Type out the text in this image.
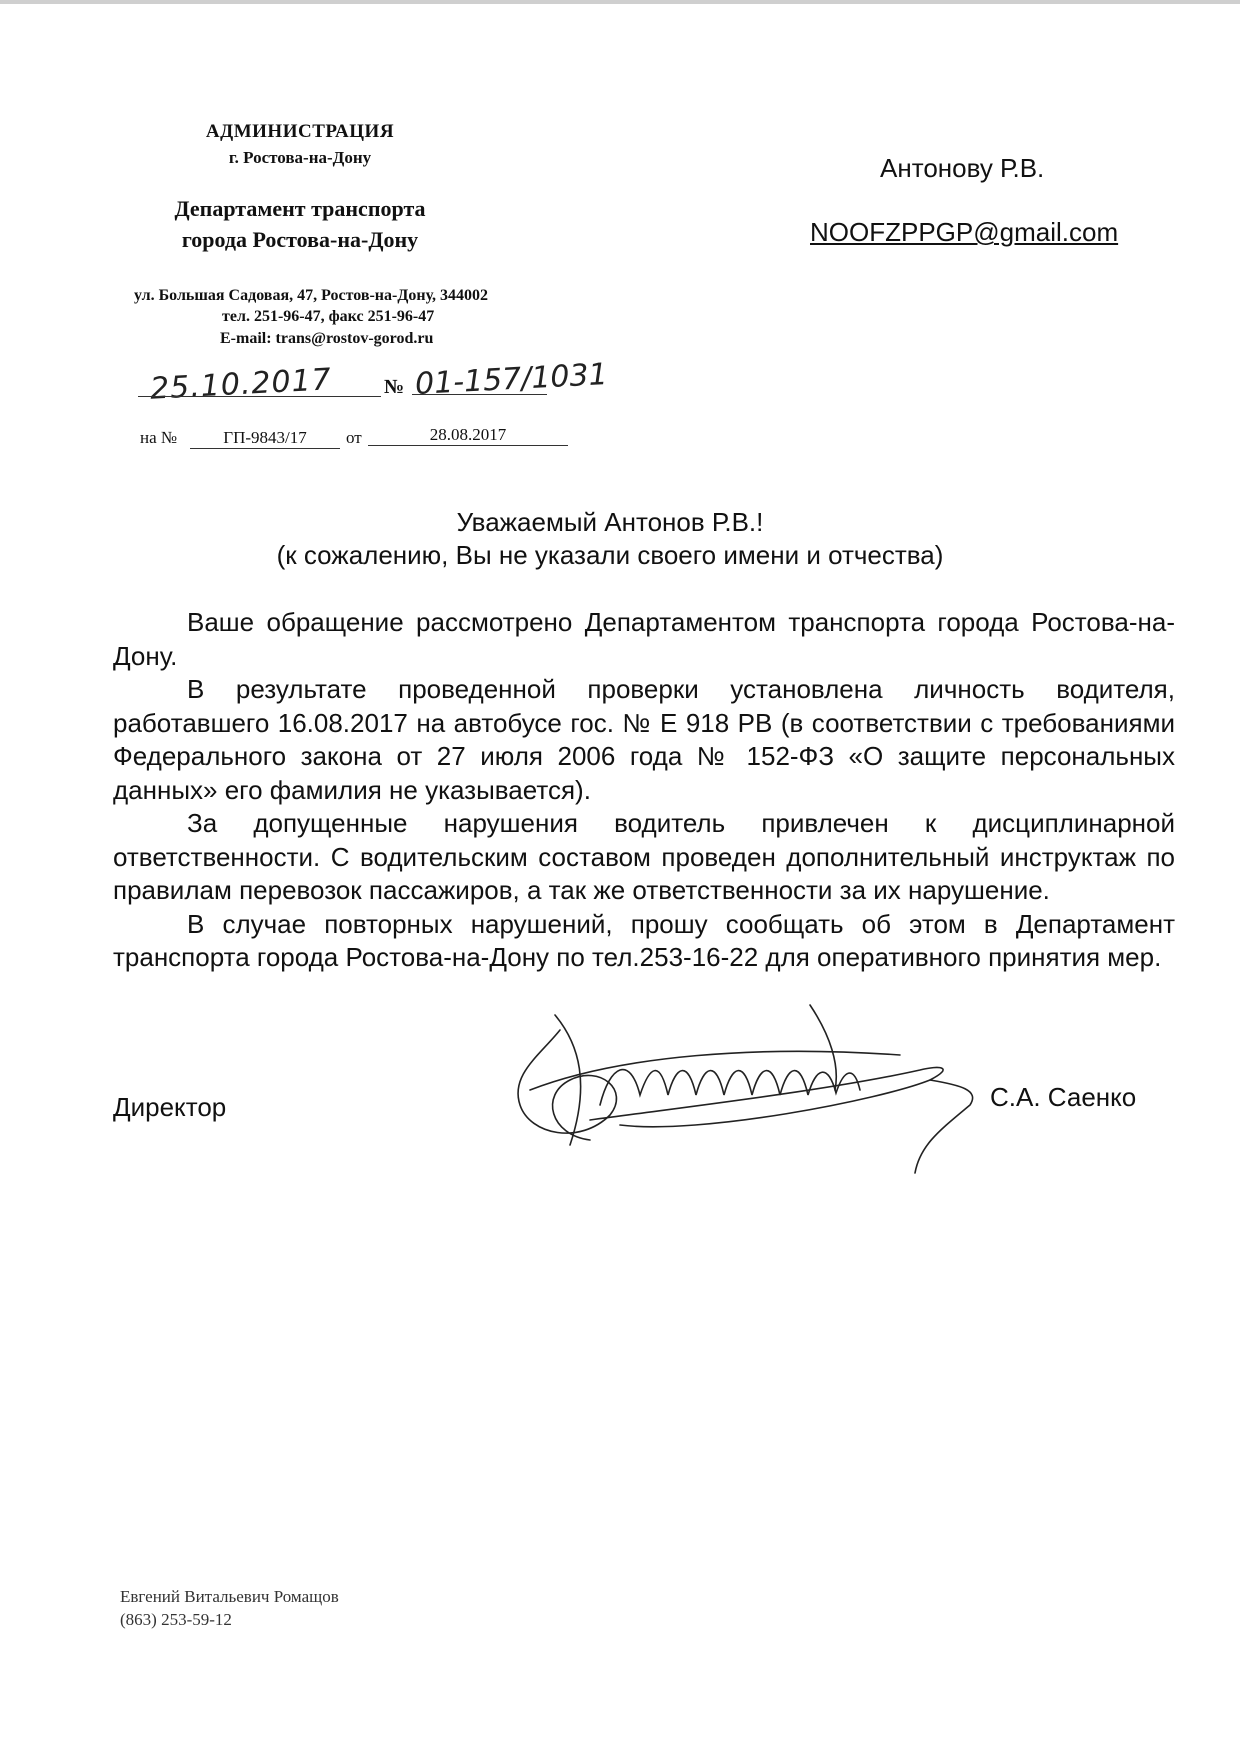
АДМИНИСТРАЦИЯ
г. Ростова-на-Дону
Департамент транспорта
города Ростова-на-Дону
ул. Большая Садовая, 47, Ростов-на-Дону, 344002
тел. 251-96-47, факс 251-96-47
E-mail: trans@rostov-gorod.ru
25.10.2017	№ 01-157/1031
на №	ГП-9843/17	от	28.08.2017
Антонову Р.В.
NOOFZPPGP@gmail.com
Уважаемый Антонов Р.В.!
(к сожалению, Вы не указали своего имени и отчества)

Ваше обращение рассмотрено Департаментом транспорта города Ростова-на-Дону.

В результате проведенной проверки установлена личность водителя, работавшего 16.08.2017 на автобусе гос. № Е 918 РВ (в соответствии с требованиями Федерального закона от 27 июля 2006 года № 152-ФЗ «О защите персональных данных» его фамилия не указывается).

За допущенные нарушения водитель привлечен к дисциплинарной ответственности. С водительским составом проведен дополнительный инструктаж по правилам перевозок пассажиров, а так же ответственности за их нарушение.

В случае повторных нарушений, прошу сообщать об этом в Департамент транспорта города Ростова-на-Дону по тел.253-16-22 для оперативного принятия мер.

Директор	С.А. Саенко
Евгений Витальевич Ромащов
(863) 253-59-12
